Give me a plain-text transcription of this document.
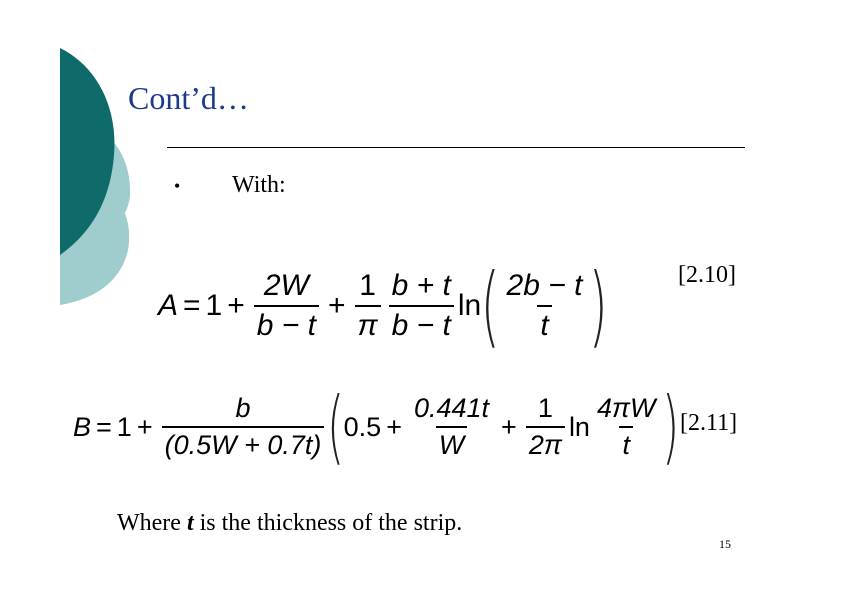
Cont’d…
• With:
$A = 1 + \frac{2W}{b - t} + \frac{1}{\pi} \frac{b + t}{b - t}$ ln ( $\frac{2b - t}{t}$ )	[2.10]
$B = 1 + \frac{b}{(0.5W + 0.7t)}$ ( $0.5 + \frac{0.441t}{W} + \frac{1}{2\pi}$ $\ln \frac{4\pi W}{t}$ ) [2.11]
Where t is the thickness of the strip.
15
